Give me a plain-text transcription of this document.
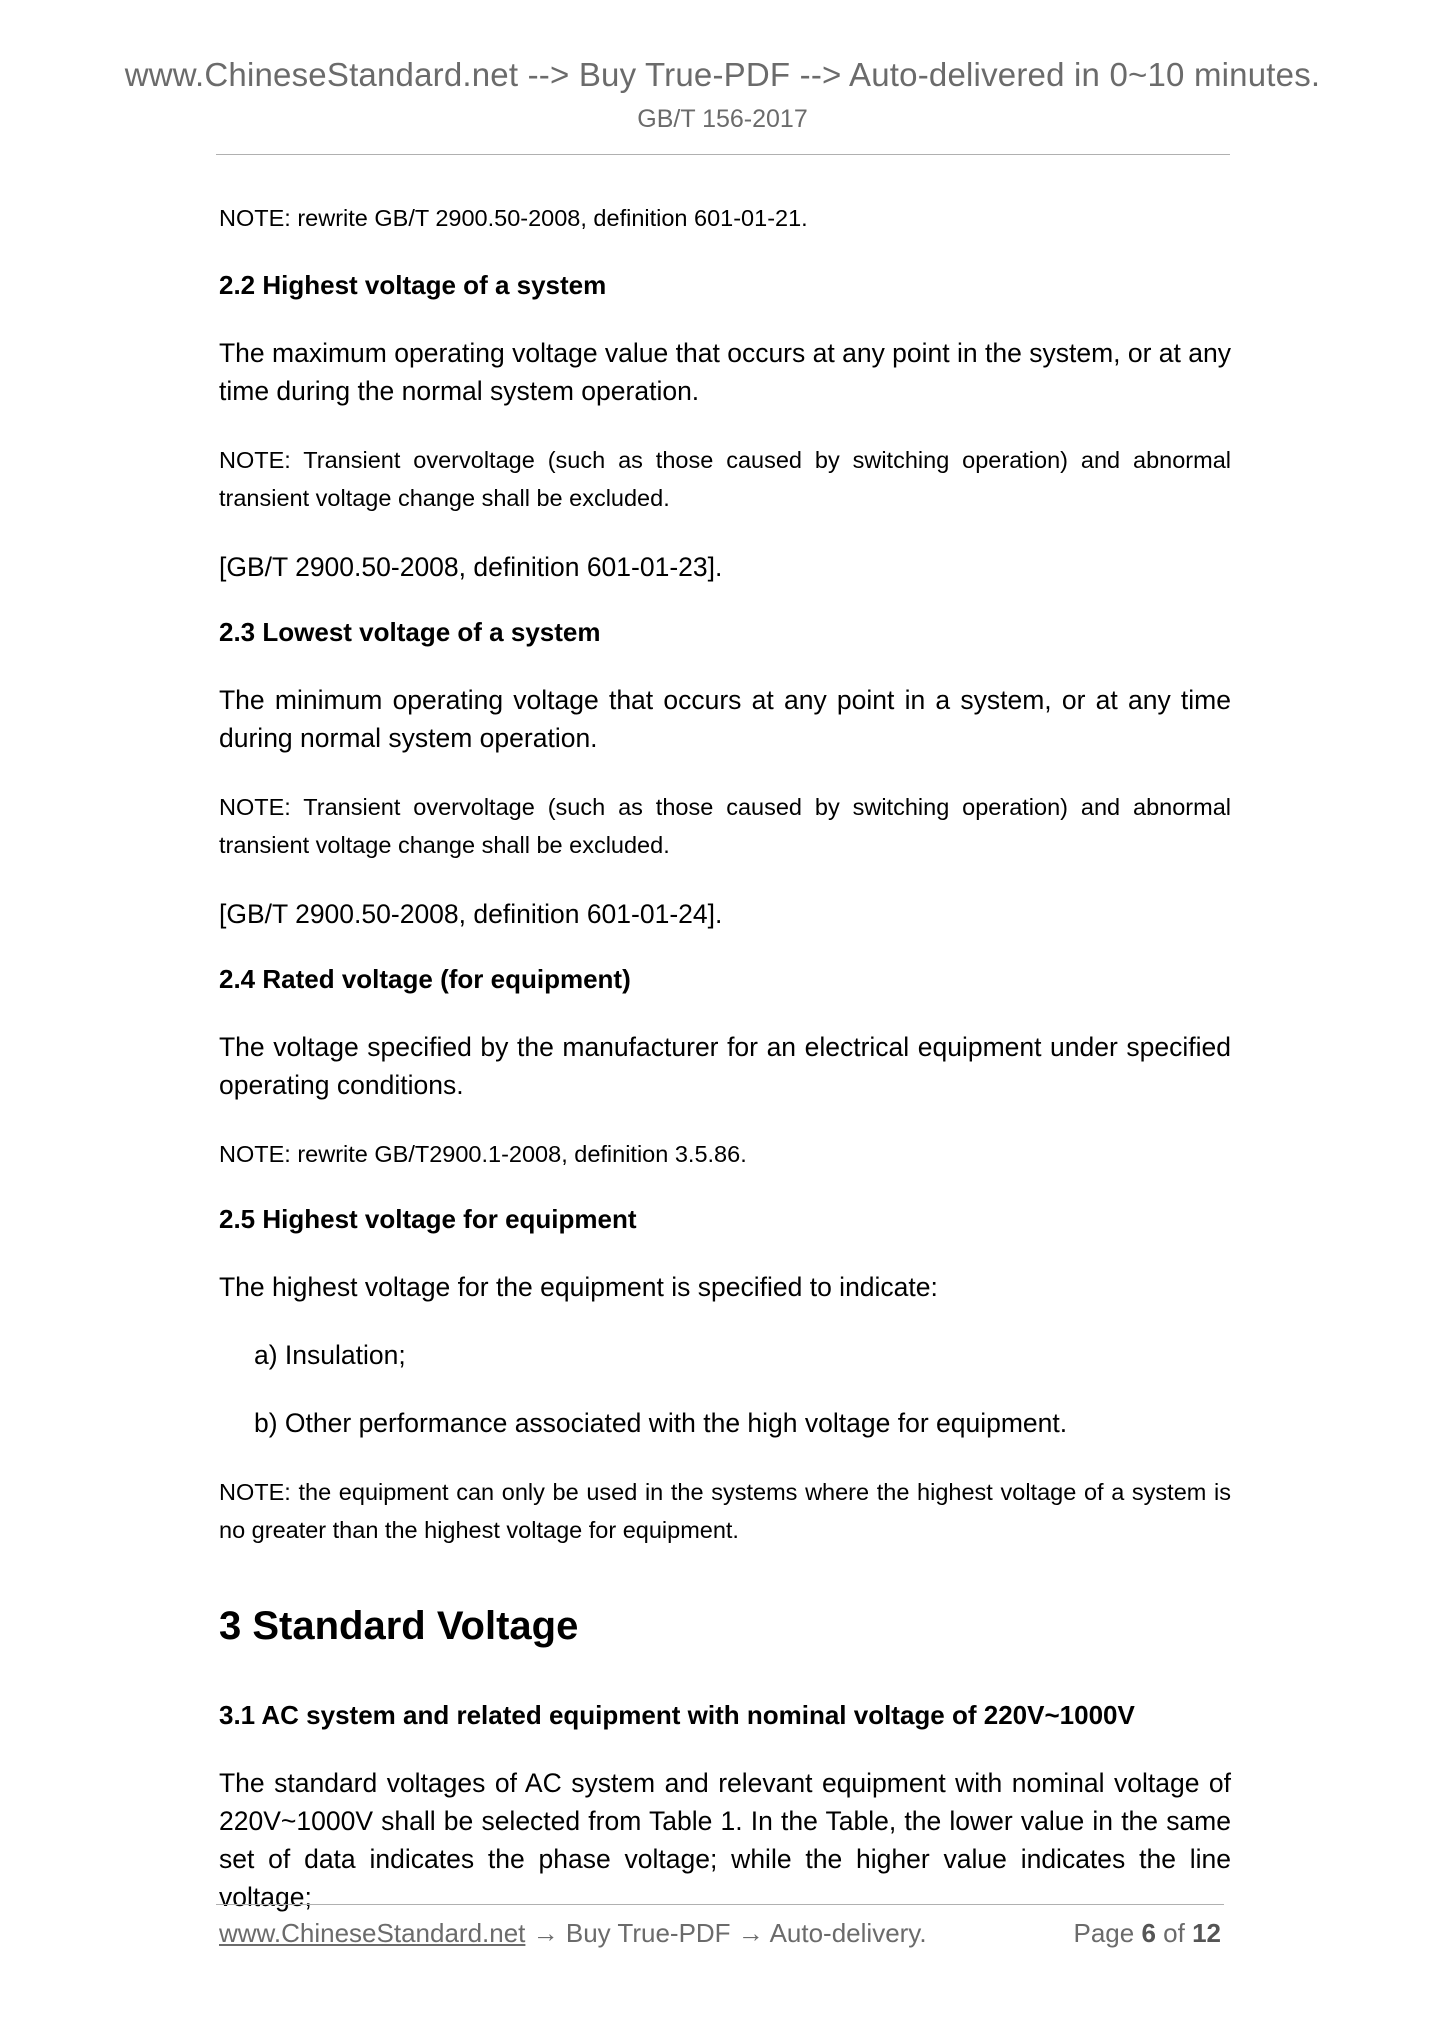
www.ChineseStandard.net --> Buy True-PDF --> Auto-delivered in 0~10 minutes.
GB/T 156-2017

NOTE: rewrite GB/T 2900.50-2008, definition 601-01-21.

2.2 Highest voltage of a system

The maximum operating voltage value that occurs at any point in the system, or at any time during the normal system operation.

NOTE: Transient overvoltage (such as those caused by switching operation) and abnormal transient voltage change shall be excluded.

[GB/T 2900.50-2008, definition 601-01-23].

2.3 Lowest voltage of a system

The minimum operating voltage that occurs at any point in a system, or at any time during normal system operation.

NOTE: Transient overvoltage (such as those caused by switching operation) and abnormal transient voltage change shall be excluded.

[GB/T 2900.50-2008, definition 601-01-24].

2.4 Rated voltage (for equipment)

The voltage specified by the manufacturer for an electrical equipment under specified operating conditions.

NOTE: rewrite GB/T2900.1-2008, definition 3.5.86.

2.5 Highest voltage for equipment

The highest voltage for the equipment is specified to indicate:

a) Insulation;

b) Other performance associated with the high voltage for equipment.

NOTE: the equipment can only be used in the systems where the highest voltage of a system is no greater than the highest voltage for equipment.

3 Standard Voltage

3.1 AC system and related equipment with nominal voltage of 220V~1000V

The standard voltages of AC system and relevant equipment with nominal voltage of 220V~1000V shall be selected from Table 1. In the Table, the lower value in the same set of data indicates the phase voltage; while the higher value indicates the line voltage;

www.ChineseStandard.net → Buy True-PDF → Auto-delivery.	Page 6 of 12
